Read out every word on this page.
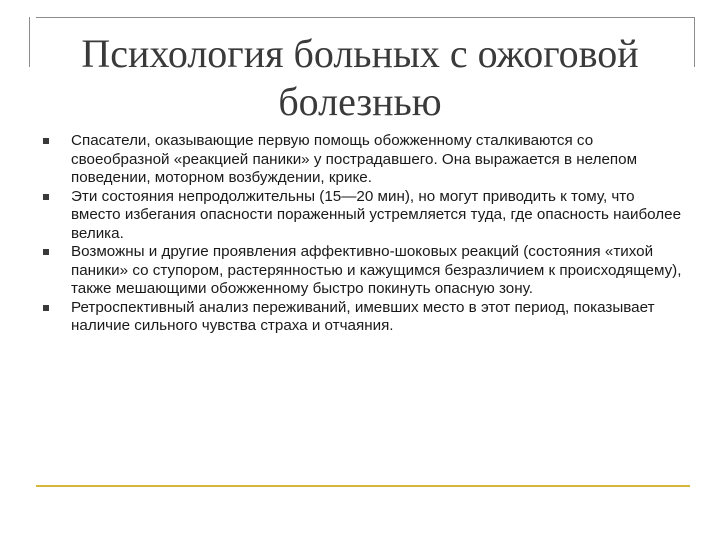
Психология больных с ожоговой болезнью
Спасатели, оказывающие первую помощь обожженному сталкиваются со своеобразной «реакцией паники» у пострадавшего. Она выражается в нелепом поведении, моторном возбуждении, крике.
Эти состояния непродолжительны (15—20 мин), но могут приводить к тому, что вместо избегания опасности пораженный устремляется туда, где опасность наиболее велика.
Возможны и другие проявления аффективно-шоковых реакций (состояния «тихой паники» со ступором, растерянностью и кажущимся безразличием к происходящему), также мешающими обожженному быстро покинуть опасную зону.
Ретроспективный анализ переживаний, имевших место в этот период, показывает наличие сильного чувства страха и отчаяния.
